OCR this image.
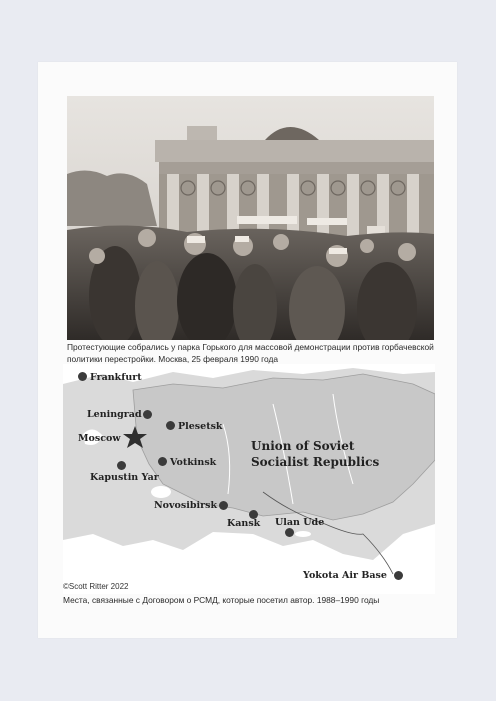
Протестующие собрались у парка Горького для массовой демонстрации против горбачевской политики перестройки. Москва, 25 февраля 1990 года
Frankfurt
Leningrad
Moscow
Plesetsk
Kapustin Yar
Votkinsk
Union of Soviet
Socialist Republics
Novosibirsk
Kansk Ulan Ude
Yokota Air Base
©Scott Ritter 2022
Места, связанные с Договором о РСМД, которые посетил автор. 1988–1990 годы
